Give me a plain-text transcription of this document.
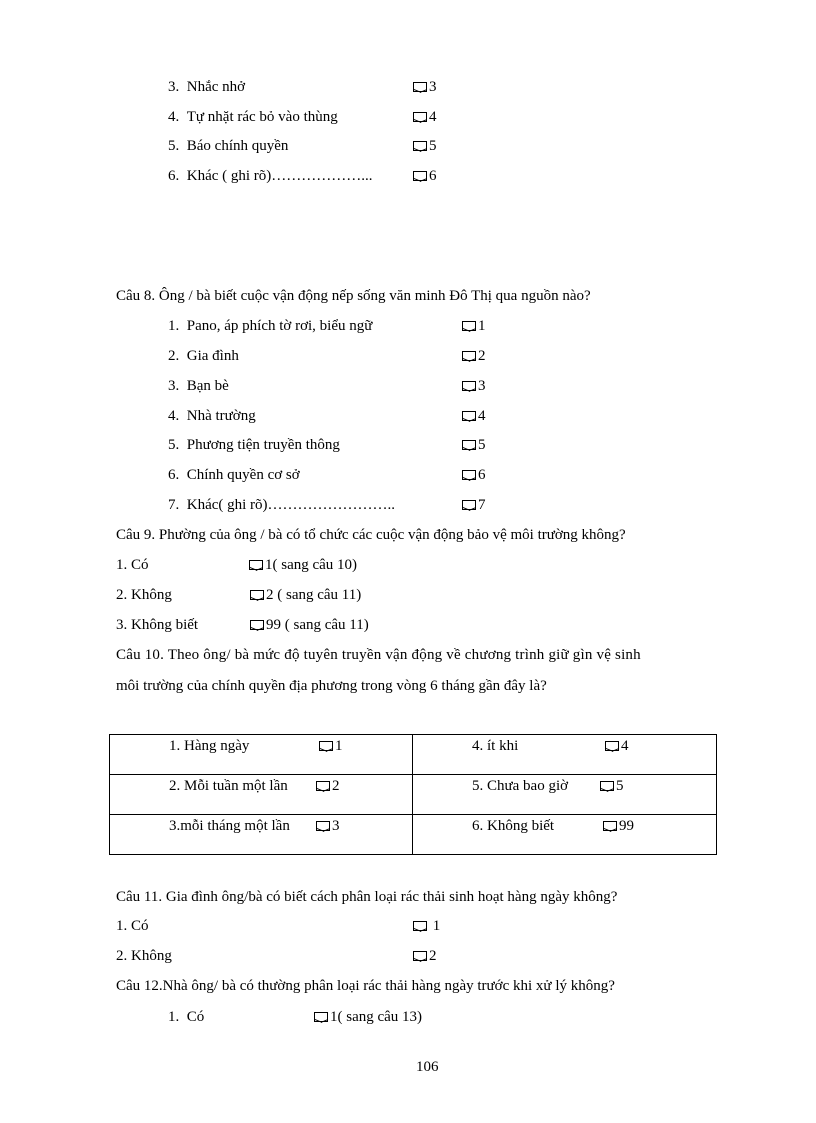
3. Nhắc nhở	3
4. Tự nhặt rác bỏ vào thùng	4
5. Báo chính quyền	5
6. Khác ( ghi rõ)………………...	6
Câu 8. Ông / bà biết cuộc vận động nếp sống văn minh Đô Thị qua nguồn nào?
1. Pano, áp phích tờ rơi, biểu ngữ	1
2. Gia đình	2
3. Bạn bè	3
4. Nhà trường	4
5. Phương tiện truyền thông	5
6. Chính quyền cơ sở	6
7. Khác( ghi rõ)……………………..	7
Câu 9. Phường của ông / bà có tổ chức các cuộc vận động bảo vệ môi trường không?
1. Có	1( sang câu 10)
2. Không	2 ( sang câu 11)
3. Không biết	99 ( sang câu 11)
Câu 10. Theo ông/ bà mức độ tuyên truyền vận động về chương trình giữ gìn vệ sinh
môi trường của chính quyền địa phương trong vòng 6 tháng gần đây là?
1. Hàng ngày 1	4. ít khi 4

2. Mỗi tuần một lần 2	5. Chưa bao giờ 5

3.mỗi tháng một lần 3	6. Không biết 99
Câu 11. Gia đình ông/bà có biết cách phân loại rác thải sinh hoạt hàng ngày không?
1. Có	1
2. Không	2
Câu 12.Nhà ông/ bà có thường phân loại rác thải hàng ngày trước khi xử lý không?
1. Có	1( sang câu 13)
106
